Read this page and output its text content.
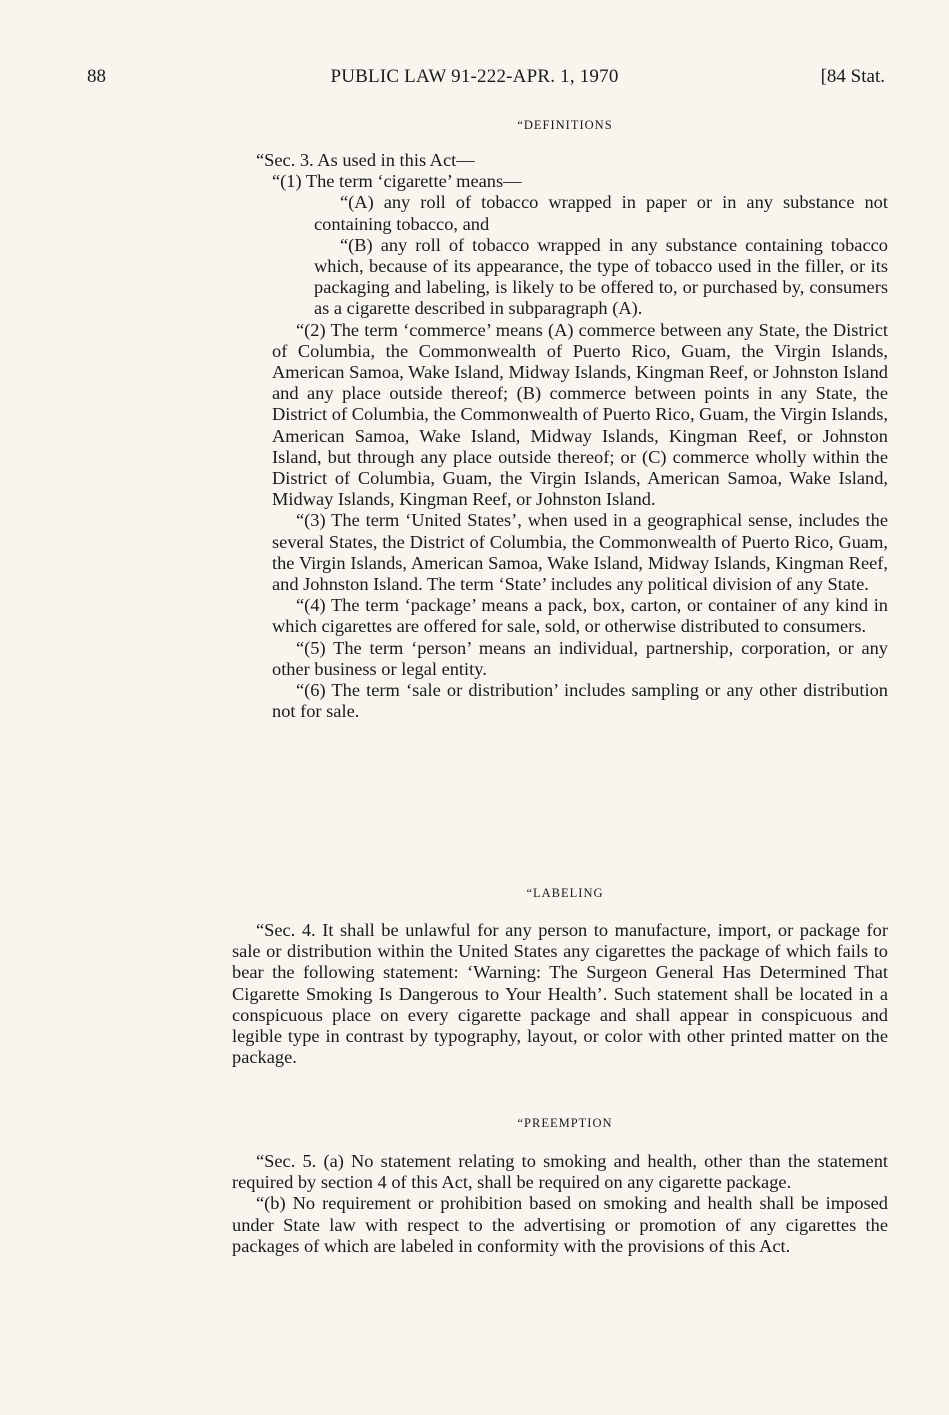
88	PUBLIC LAW 91-222-APR. 1, 1970	[84 Stat.
“DEFINITIONS

“Sec. 3. As used in this Act—

“(1) The term ‘cigarette’ means—

“(A) any roll of tobacco wrapped in paper or in any substance not containing tobacco, and

“(B) any roll of tobacco wrapped in any substance containing tobacco which, because of its appearance, the type of tobacco used in the filler, or its packaging and labeling, is likely to be offered to, or purchased by, consumers as a cigarette described in subparagraph (A).

“(2) The term ‘commerce’ means (A) commerce between any State, the District of Columbia, the Commonwealth of Puerto Rico, Guam, the Virgin Islands, American Samoa, Wake Island, Midway Islands, Kingman Reef, or Johnston Island and any place outside thereof; (B) commerce between points in any State, the District of Columbia, the Commonwealth of Puerto Rico, Guam, the Virgin Islands, American Samoa, Wake Island, Midway Islands, Kingman Reef, or Johnston Island, but through any place outside thereof; or (C) commerce wholly within the District of Columbia, Guam, the Virgin Islands, American Samoa, Wake Island, Midway Islands, Kingman Reef, or Johnston Island.

“(3) The term ‘United States’, when used in a geographical sense, includes the several States, the District of Columbia, the Commonwealth of Puerto Rico, Guam, the Virgin Islands, American Samoa, Wake Island, Midway Islands, Kingman Reef, and Johnston Island. The term ‘State’ includes any political division of any State.

“(4) The term ‘package’ means a pack, box, carton, or container of any kind in which cigarettes are offered for sale, sold, or otherwise distributed to consumers.

“(5) The term ‘person’ means an individual, partnership, corporation, or any other business or legal entity.

“(6) The term ‘sale or distribution’ includes sampling or any other distribution not for sale.

“LABELING

“Sec. 4. It shall be unlawful for any person to manufacture, import, or package for sale or distribution within the United States any cigarettes the package of which fails to bear the following statement: ‘Warning: The Surgeon General Has Determined That Cigarette Smoking Is Dangerous to Your Health’. Such statement shall be located in a conspicuous place on every cigarette package and shall appear in conspicuous and legible type in contrast by typography, layout, or color with other printed matter on the package.

“PREEMPTION

“Sec. 5. (a) No statement relating to smoking and health, other than the statement required by section 4 of this Act, shall be required on any cigarette package.

“(b) No requirement or prohibition based on smoking and health shall be imposed under State law with respect to the advertising or promotion of any cigarettes the packages of which are labeled in conformity with the provisions of this Act.
